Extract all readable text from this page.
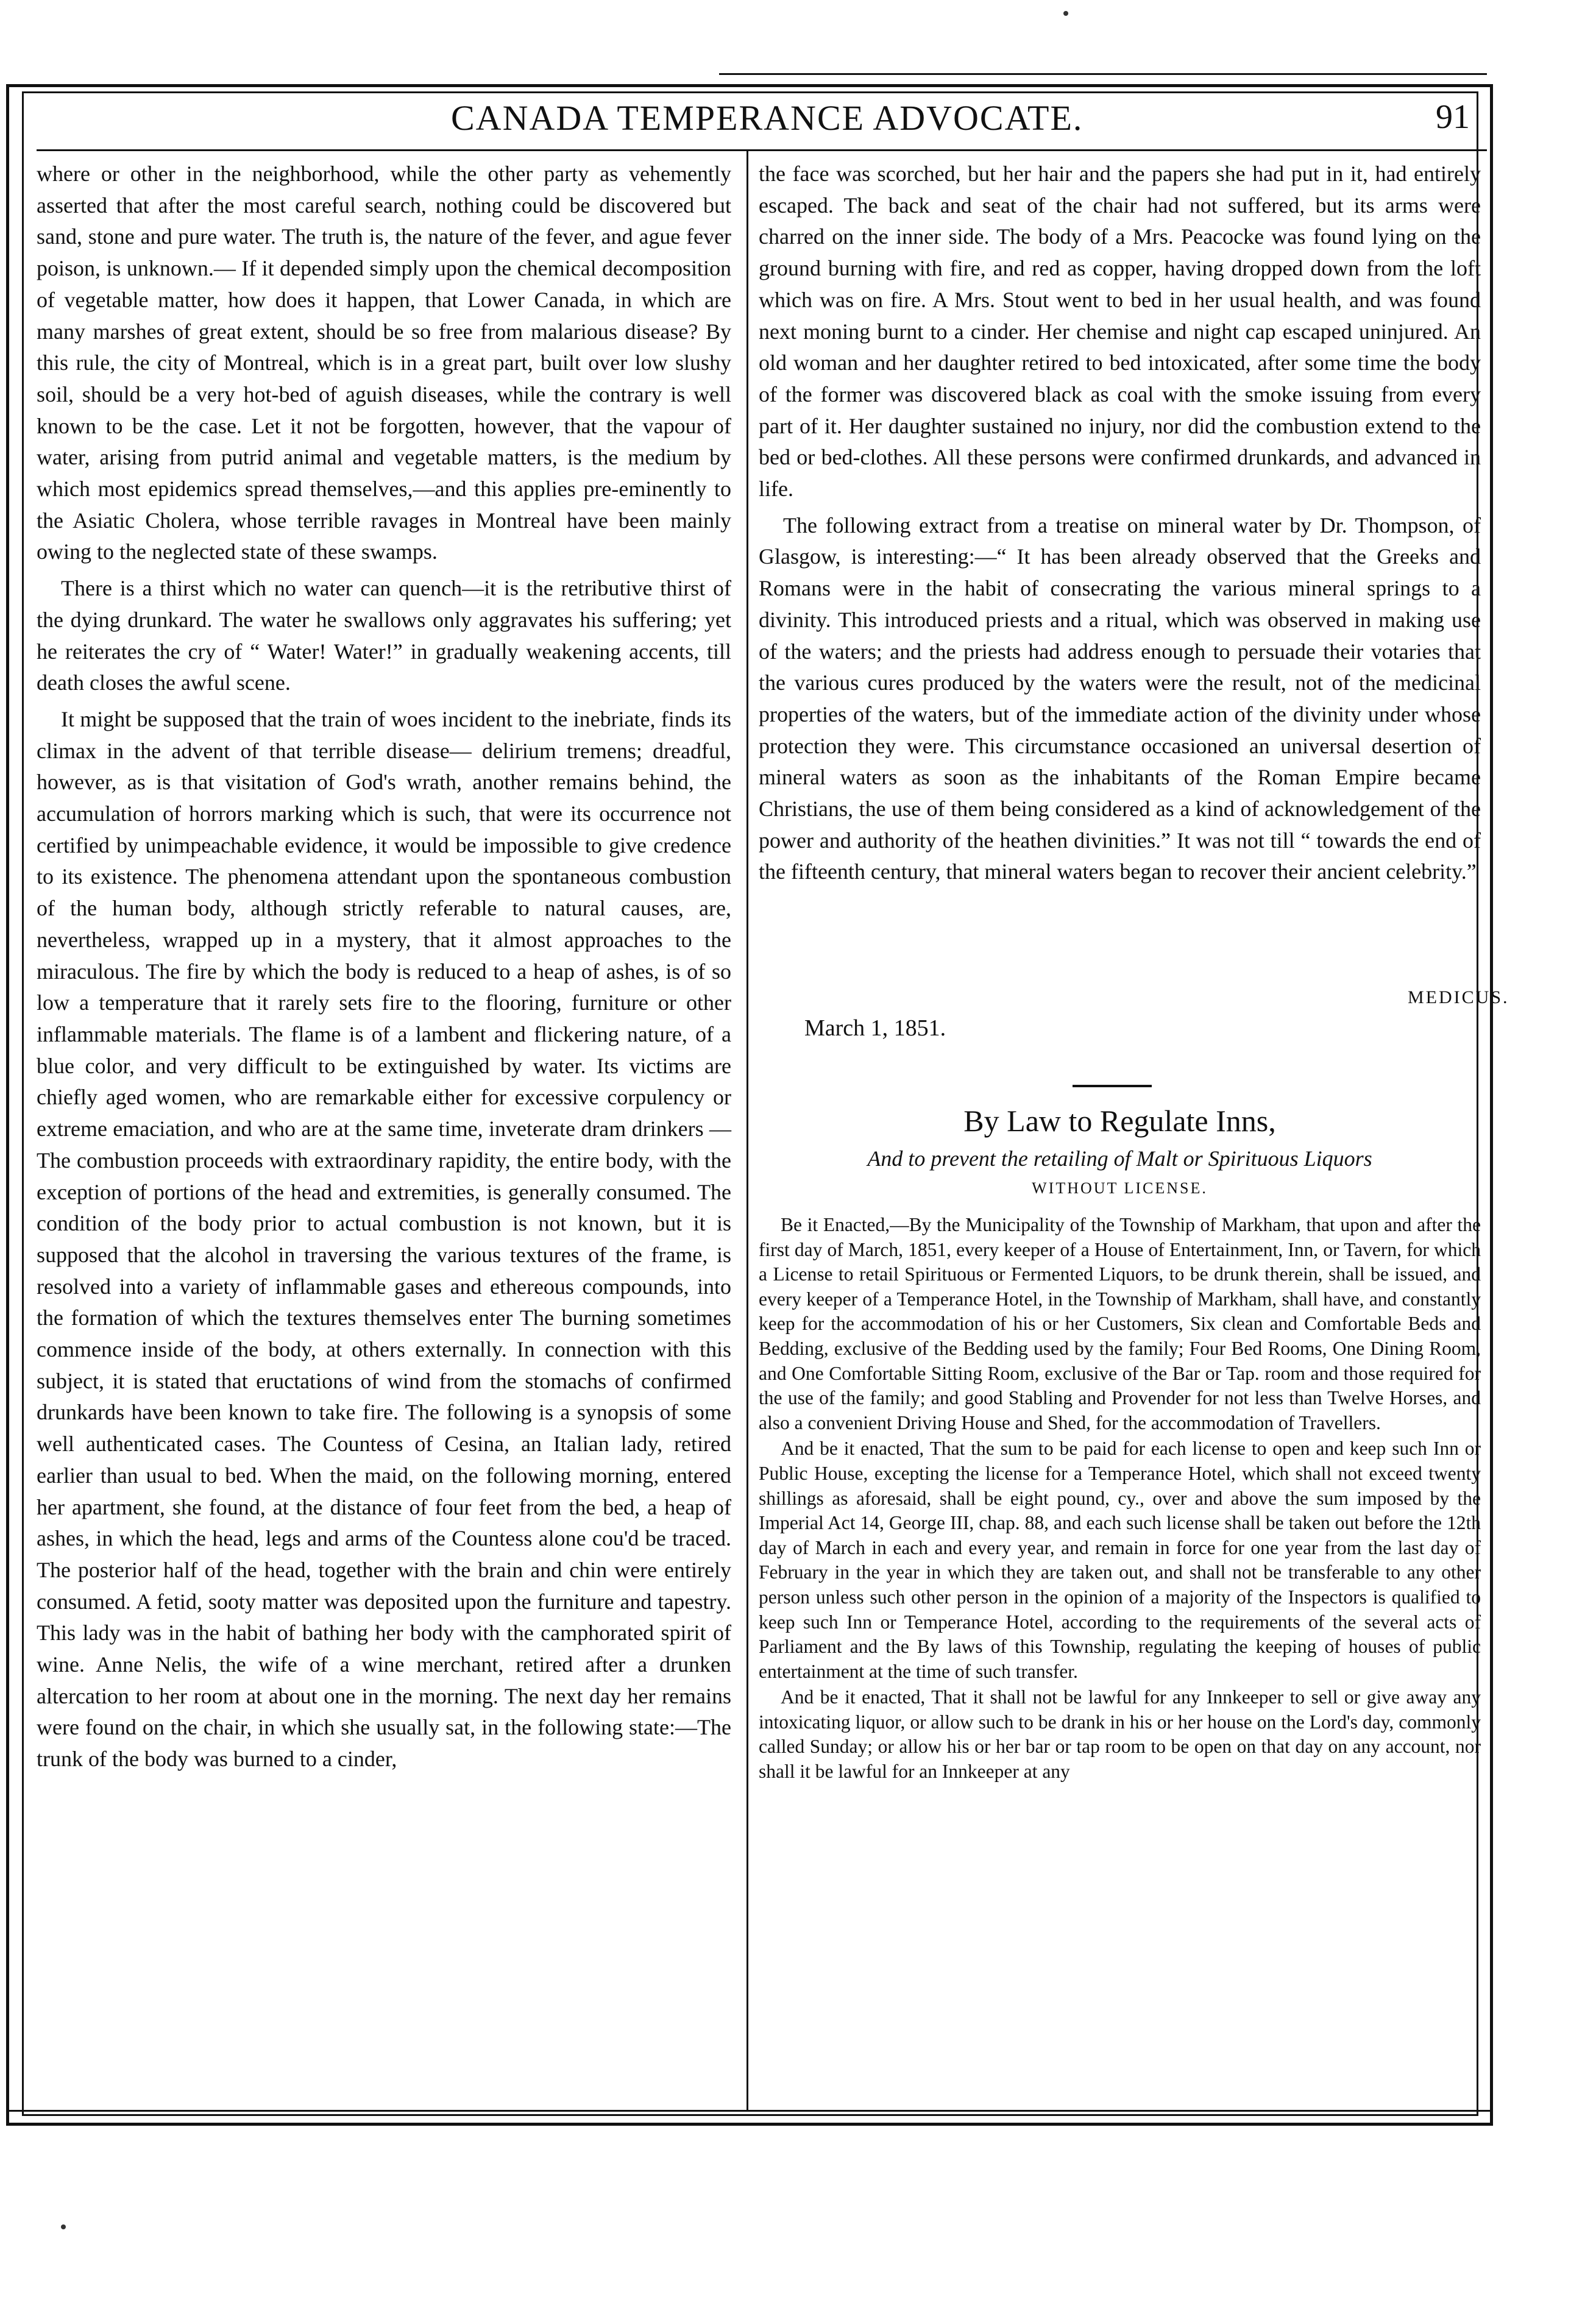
CANADA TEMPERANCE ADVOCATE.	91

where or other in the neighborhood, while the other party as vehemently asserted that after the most careful search, nothing could be discovered but sand, stone and pure water. The truth is, the nature of the fever, and ague fever poison, is unknown.— If it depended simply upon the chemical decomposition of vegetable matter, how does it happen, that Lower Canada, in which are many marshes of great extent, should be so free from malarious disease? By this rule, the city of Montreal, which is in a great part, built over low slushy soil, should be a very hot-bed of aguish diseases, while the contrary is well known to be the case. Let it not be forgotten, however, that the vapour of water, arising from putrid animal and vegetable matters, is the medium by which most epidemics spread themselves,—and this applies pre-eminently to the Asiatic Cholera, whose terrible ravages in Montreal have been mainly owing to the neglected state of these swamps.

There is a thirst which no water can quench—it is the retributive thirst of the dying drunkard. The water he swallows only aggravates his suffering; yet he reiterates the cry of “ Water! Water!” in gradually weakening accents, till death closes the awful scene.

It might be supposed that the train of woes incident to the inebriate, finds its climax in the advent of that terrible disease— delirium tremens; dreadful, however, as is that visitation of God's wrath, another remains behind, the accumulation of horrors marking which is such, that were its occurrence not certified by unimpeachable evidence, it would be impossible to give credence to its existence. The phenomena attendant upon the spontaneous combustion of the human body, although strictly referable to natural causes, are, nevertheless, wrapped up in a mystery, that it almost approaches to the miraculous. The fire by which the body is reduced to a heap of ashes, is of so low a temperature that it rarely sets fire to the flooring, furniture or other inflammable materials. The flame is of a lambent and flickering nature, of a blue color, and very difficult to be extinguished by water. Its victims are chiefly aged women, who are remarkable either for excessive corpulency or extreme emaciation, and who are at the same time, inveterate dram drinkers — The combustion proceeds with extraordinary rapidity, the entire body, with the exception of portions of the head and extremities, is generally consumed. The condition of the body prior to actual combustion is not known, but it is supposed that the alcohol in traversing the various textures of the frame, is resolved into a variety of inflammable gases and ethereous compounds, into the formation of which the textures themselves enter The burning sometimes commence inside of the body, at others externally. In connection with this subject, it is stated that eructations of wind from the stomachs of confirmed drunkards have been known to take fire. The following is a synopsis of some well authenticated cases. The Countess of Cesina, an Italian lady, retired earlier than usual to bed. When the maid, on the following morning, entered her apartment, she found, at the distance of four feet from the bed, a heap of ashes, in which the head, legs and arms of the Countess alone cou'd be traced. The posterior half of the head, together with the brain and chin were entirely consumed. A fetid, sooty matter was deposited upon the furniture and tapestry. This lady was in the habit of bathing her body with the camphorated spirit of wine. Anne Nelis, the wife of a wine merchant, retired after a drunken altercation to her room at about one in the morning. The next day her remains were found on the chair, in which she usually sat, in the following state:—The trunk of the body was burned to a cinder,

the face was scorched, but her hair and the papers she had put in it, had entirely escaped. The back and seat of the chair had not suffered, but its arms were charred on the inner side. The body of a Mrs. Peacocke was found lying on the ground burning with fire, and red as copper, having dropped down from the loft which was on fire. A Mrs. Stout went to bed in her usual health, and was found next moning burnt to a cinder. Her chemise and night cap escaped uninjured. An old woman and her daughter retired to bed intoxicated, after some time the body of the former was discovered black as coal with the smoke issuing from every part of it. Her daughter sustained no injury, nor did the combustion extend to the bed or bed-clothes. All these persons were confirmed drunkards, and advanced in life.

The following extract from a treatise on mineral water by Dr. Thompson, of Glasgow, is interesting:—“ It has been already observed that the Greeks and Romans were in the habit of consecrating the various mineral springs to a divinity. This introduced priests and a ritual, which was observed in making use of the waters; and the priests had address enough to persuade their votaries that the various cures produced by the waters were the result, not of the medicinal properties of the waters, but of the immediate action of the divinity under whose protection they were. This circumstance occasioned an universal desertion of mineral waters as soon as the inhabitants of the Roman Empire became Christians, the use of them being considered as a kind of acknowledgement of the power and authority of the heathen divinities.” It was not till “ towards the end of the fifteenth century, that mineral waters began to recover their ancient celebrity.”

MEDICUS.
March 1, 1851.
By Law to Regulate Inns,
And to prevent the retailing of Malt or Spirituous Liquors
WITHOUT LICENSE.

Be it Enacted,—By the Municipality of the Township of Markham, that upon and after the first day of March, 1851, every keeper of a House of Entertainment, Inn, or Tavern, for which a License to retail Spirituous or Fermented Liquors, to be drunk therein, shall be issued, and every keeper of a Temperance Hotel, in the Township of Markham, shall have, and constantly keep for the accommodation of his or her Customers, Six clean and Comfortable Beds and Bedding, exclusive of the Bedding used by the family; Four Bed Rooms, One Dining Room, and One Comfortable Sitting Room, exclusive of the Bar or Tap. room and those required for the use of the family; and good Stabling and Provender for not less than Twelve Horses, and also a convenient Driving House and Shed, for the accommodation of Travellers.

And be it enacted, That the sum to be paid for each license to open and keep such Inn or Public House, excepting the license for a Temperance Hotel, which shall not exceed twenty shillings as aforesaid, shall be eight pound, cy., over and above the sum imposed by the Imperial Act 14, George III, chap. 88, and each such license shall be taken out before the 12th day of March in each and every year, and remain in force for one year from the last day of February in the year in which they are taken out, and shall not be transferable to any other person unless such other person in the opinion of a majority of the Inspectors is qualified to keep such Inn or Temperance Hotel, according to the requirements of the several acts of Parliament and the By laws of this Township, regulating the keeping of houses of public entertainment at the time of such transfer.

And be it enacted, That it shall not be lawful for any Innkeeper to sell or give away any intoxicating liquor, or allow such to be drank in his or her house on the Lord's day, commonly called Sunday; or allow his or her bar or tap room to be open on that day on any account, nor shall it be lawful for an Innkeeper at any
